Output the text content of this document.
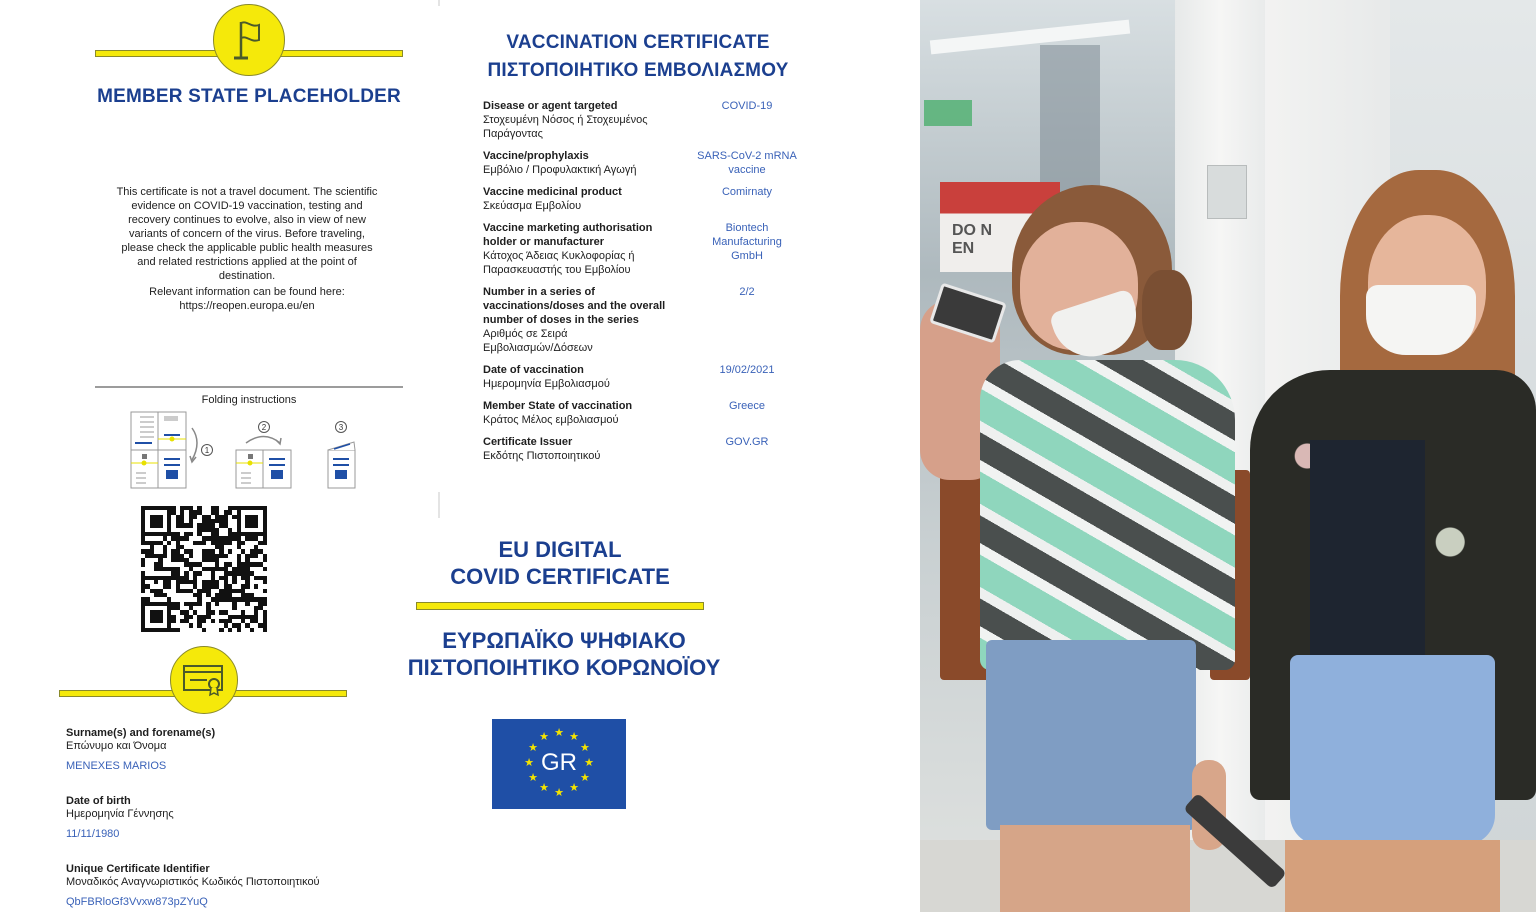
MEMBER STATE PLACEHOLDER
This certificate is not a travel document. The scientific evidence on COVID-19 vaccination, testing and recovery continues to evolve, also in view of new variants of concern of the virus. Before traveling, please check the applicable public health measures and related restrictions applied at the point of destination.
Relevant information can be found here:
https://reopen.europa.eu/en
Folding instructions
1
2	3
Surname(s) and forename(s)
Επώνυμο και Όνομα
MENEXES MARIOS
Date of birth
Ημερομηνία Γέννησης
11/11/1980
Unique Certificate Identifier
Μοναδικός Αναγνωριστικός Κωδικός Πιστοποιητικού
QbFBRloGf3Vvxw873pZYuQ
VACCINATION CERTIFICATE
ΠΙΣΤΟΠΟΙΗΤΙΚΟ ΕΜΒΟΛΙΑΣΜΟΥ
Disease or agent targeted
Στοχευμένη Νόσος ή Στοχευμένος Παράγοντας
COVID-19
Vaccine/prophylaxis
Εμβόλιο / Προφυλακτική Αγωγή
SARS-CoV-2 mRNA vaccine
Vaccine medicinal product
Σκεύασμα Εμβολίου
Comirnaty
Vaccine marketing authorisation holder or manufacturer
Κάτοχος Άδειας Κυκλοφορίας ή Παρασκευαστής του Εμβολίου
Biontech Manufacturing GmbH
Number in a series of vaccinations/doses and the overall number of doses in the series
Αριθμός σε Σειρά Εμβολιασμών/Δόσεων
2/2
Date of vaccination
Ημερομηνία Εμβολιασμού
19/02/2021
Member State of vaccination
Κράτος Μέλος εμβολιασμού
Greece
Certificate Issuer
Εκδότης Πιστοποιητικού
GOV.GR
EU DIGITAL
COVID CERTIFICATE
ΕΥΡΩΠΑΪΚΟ ΨΗΦΙΑΚΟ
ΠΙΣΤΟΠΟΙΗΤΙΚΟ ΚΟΡΩΝΟΪΟΥ
GR
★ ★
★
★
★
★
★
★
★
★
★
★
DO N EN
